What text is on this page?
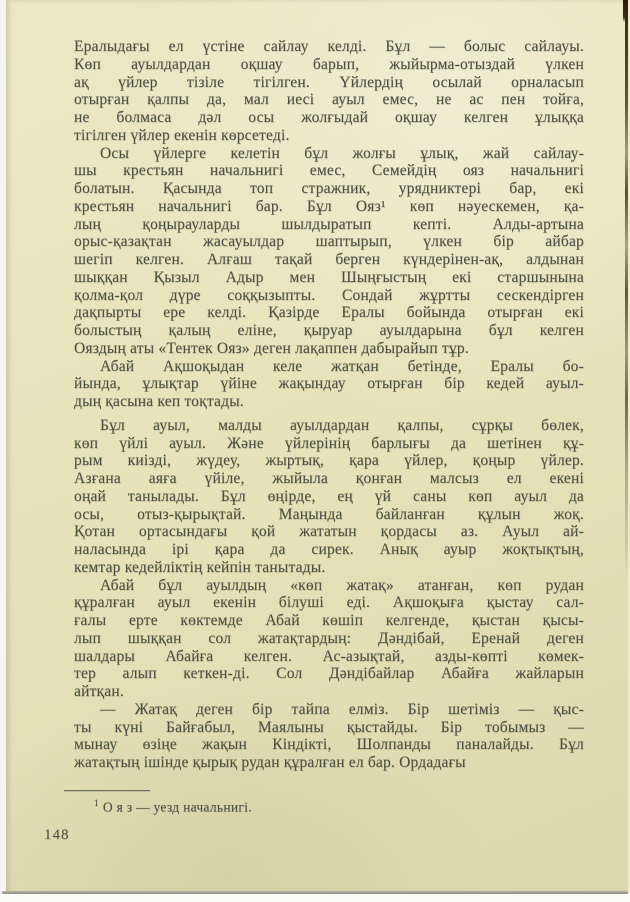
Ералыдағы ел үстіне сайлау келді. Бұл — болыс сайлауы.
Көп ауылдардан оқшау барып, жыйырма-отыздай үлкен
ақ үйлер тізіле тігілген. Үйлердің осылай орналасып
отырған қалпы да, мал иесі ауыл емес, не ас пен тойға,
не болмаса дәл осы жолғыдай оқшау келген ұлыққа
тігілген үйлер екенін көрсетеді.
Осы үйлерге келетін бұл жолғы ұлық, жай сайлау-
шы крестьян начальнигі емес, Семейдің ояз начальнигі
болатын. Қасында топ стражник, урядниктері бар, екі
крестьян начальнигі бар. Бұл Ояз¹ көп нәуескемен, қа-
лың қоңырауларды шылдыратып кепті. Алды-артына
орыс-қазақтан жасауылдар шаптырып, үлкен бір айбар
шегіп келген. Алғаш тақай берген күндерінен-ақ, алдынан
шыққан Қызыл Адыр мен Шыңғыстың екі старшынына
қолма-қол дүре соққызыпты. Сондай жұртты сескендірген
дақпырты ере келді. Қазірде Ералы бойында отырған екі
болыстың қалың еліне, қыруар ауылдарына бұл келген
Ояздың аты «Тентек Ояз» деген лақаппен дабырайып тұр.
Абай Ақшоқыдан келе жатқан бетінде, Ералы бо-
йында, ұлықтар үйіне жақындау отырған бір кедей ауыл-
дың қасына кеп тоқтады.
Бұл ауыл, малды ауылдардан қалпы, сұрқы бөлек,
көп үйлі ауыл. Және үйлерінің барлығы да шетінен құ-
рым киізді, жүдеу, жыртық, қара үйлер, қоңыр үйлер.
Азғана аяға үйіле, жыйыла қонған малсыз ел екені
оңай танылады. Бұл өңірде, ең үй саны көп ауыл да
осы, отыз-қырықтай. Маңында байланған құлын жоқ.
Қотан ортасындағы қой жататын қордасы аз. Ауыл ай-
наласында ірі қара да сирек. Анық ауыр жоқтықтың,
кемтар кедейліктің кейпін танытады.
Абай бұл ауылдың «көп жатақ» атанған, көп рудан
құралған ауыл екенін білуші еді. Ақшоқыға қыстау сал-
ғалы ерте көктемде Абай көшіп келгенде, қыстан қысы-
лып шыққан сол жатақтардың: Дәндібай, Еренай деген
шалдары Абайға келген. Ас-азықтай, азды-көпті көмек-
тер алып кеткен-ді. Сол Дәндібайлар Абайға жайларын
айтқан.
— Жатақ деген бір тайпа елміз. Бір шетіміз — қыс-
ты күні Байғабыл, Маялыны қыстайды. Бір тобымыз —
мынау өзіңе жақын Кіндікті, Шолпанды паналайды. Бұл
жатақтың ішінде қырық рудан құралған ел бар. Ордадағы
$^1$ О я з — уезд начальнигі.
148
